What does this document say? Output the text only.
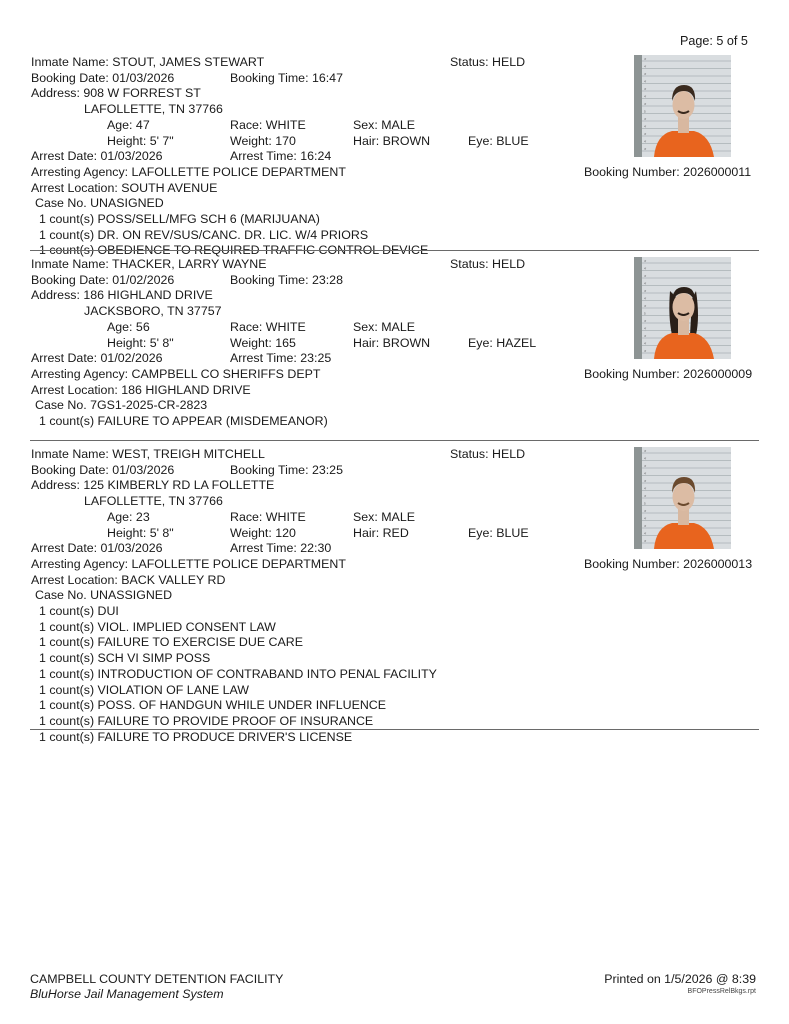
Page: 5 of 5
Inmate Name: STOUT, JAMES STEWART	Status: HELD
Booking Date: 01/03/2026	Booking Time: 16:47
Address: 908 W FORREST ST
LAFOLLETTE, TN 37766
Age: 47	Race: WHITE	Sex: MALE
Height: 5' 7"	Weight: 170	Hair: BROWN	Eye: BLUE
Arrest Date: 01/03/2026	Arrest Time: 16:24
Arresting Agency: LAFOLLETTE POLICE DEPARTMENT	Booking Number: 2026000011
Arrest Location: SOUTH AVENUE
Case No. UNASIGNED
1 count(s) POSS/SELL/MFG SCH 6 (MARIJUANA)
1 count(s) DR. ON REV/SUS/CANC. DR. LIC. W/4 PRIORS
1 count(s) OBEDIENCE TO REQUIRED TRAFFIC CONTROL DEVICE
4'
4'
4'
4'
4'
4'
4'
5
4'
4'
4'
4'
4'
Inmate Name: THACKER, LARRY WAYNE	Status: HELD
Booking Date: 01/02/2026	Booking Time: 23:28
Address: 186 HIGHLAND DRIVE
JACKSBORO, TN 37757
Age: 56	Race: WHITE	Sex: MALE
Height: 5' 8"	Weight: 165	Hair: BROWN	Eye: HAZEL
Arrest Date: 01/02/2026	Arrest Time: 23:25
Arresting Agency: CAMPBELL CO SHERIFFS DEPT	Booking Number: 2026000009
Arrest Location: 186 HIGHLAND DRIVE
Case No. 7GS1-2025-CR-2823
1 count(s) FAILURE TO APPEAR (MISDEMEANOR)
4'
4'
4'
4'
4'
4'
4'
5
4'
4'
4'
4'
4'
Inmate Name: WEST, TREIGH MITCHELL	Status: HELD
Booking Date: 01/03/2026	Booking Time: 23:25
Address: 125 KIMBERLY RD LA FOLLETTE
LAFOLLETTE, TN 37766
Age: 23	Race: WHITE	Sex: MALE
Height: 5' 8"	Weight: 120	Hair: RED	Eye: BLUE
Arrest Date: 01/03/2026	Arrest Time: 22:30
Arresting Agency: LAFOLLETTE POLICE DEPARTMENT	Booking Number: 2026000013
Arrest Location: BACK VALLEY RD
Case No. UNASSIGNED
1 count(s) DUI
1 count(s) VIOL. IMPLIED CONSENT LAW
1 count(s) FAILURE TO EXERCISE DUE CARE
1 count(s) SCH VI SIMP POSS
1 count(s) INTRODUCTION OF CONTRABAND INTO PENAL FACILITY
1 count(s) VIOLATION OF LANE LAW
1 count(s) POSS. OF HANDGUN WHILE UNDER INFLUENCE
1 count(s) FAILURE TO PROVIDE PROOF OF INSURANCE
1 count(s) FAILURE TO PRODUCE DRIVER'S LICENSE
4'
4'
4'
4'
4'
4'
4'
5
4'
4'
4'
4'
4'
CAMPBELL COUNTY DETENTION FACILITY
BluHorse Jail Management System
Printed on 1/5/2026 @ 8:39
BFOPressRelBkgs.rpt
